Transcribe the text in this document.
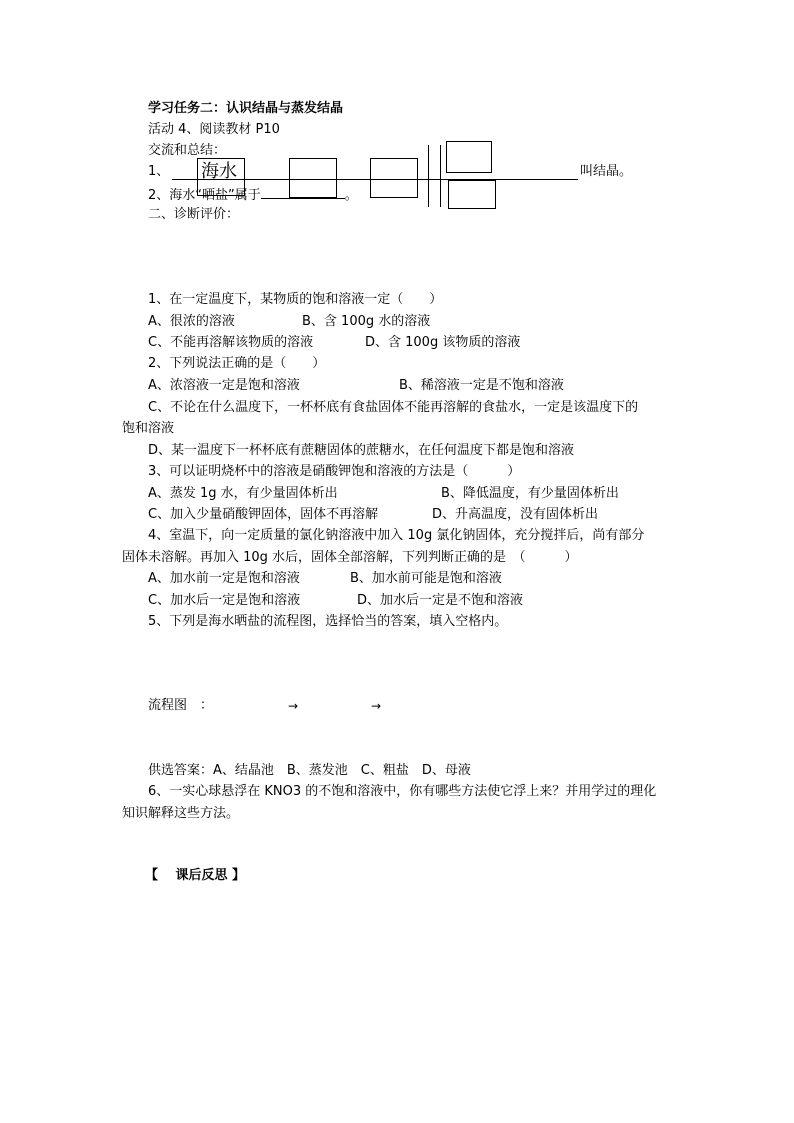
学习任务二：认识结晶与蒸发结晶

活动 4、阅读教材 P10

交流和总结：

1、	叫结晶。

海水

2、海水“晒盐”属于	。

二、诊断评价：

1、在一定温度下，某物质的饱和溶液一定（　　）

A、很浓的溶液	B、含 100g 水的溶液

C、不能再溶解该物质的溶液	D、含 100g 该物质的溶液

2、下列说法正确的是（　　）

A、浓溶液一定是饱和溶液	B、稀溶液一定是不饱和溶液

C、不论在什么温度下，一杯杯底有食盐固体不能再溶解的食盐水，一定是该温度下的

饱和溶液

D、某一温度下一杯杯底有蔗糖固体的蔗糖水，在任何温度下都是饱和溶液

3、可以证明烧杯中的溶液是硝酸钾饱和溶液的方法是（　　　）

A、蒸发 1g 水，有少量固体析出	B、降低温度，有少量固体析出

C、加入少量硝酸钾固体，固体不再溶解	D、升高温度，没有固体析出

4、室温下，向一定质量的氯化钠溶液中加入 10g 氯化钠固体，充分搅拌后，尚有部分

固体未溶解。再加入 10g 水后，固体全部溶解，下列判断正确的是　（　　　）

A、加水前一定是饱和溶液	B、加水前可能是饱和溶液

C、加水后一定是饱和溶液	D、加水后一定是不饱和溶液

5、下列是海水晒盐的流程图，选择恰当的答案，填入空格内。

流程图　：	→	→

供选答案：A、结晶池　B、蒸发池　C、粗盐　D、母液

6、一实心球悬浮在 KNO3 的不饱和溶液中，你有哪些方法使它浮上来？并用学过的理化

知识解释这些方法。

【　 课后反思 】
